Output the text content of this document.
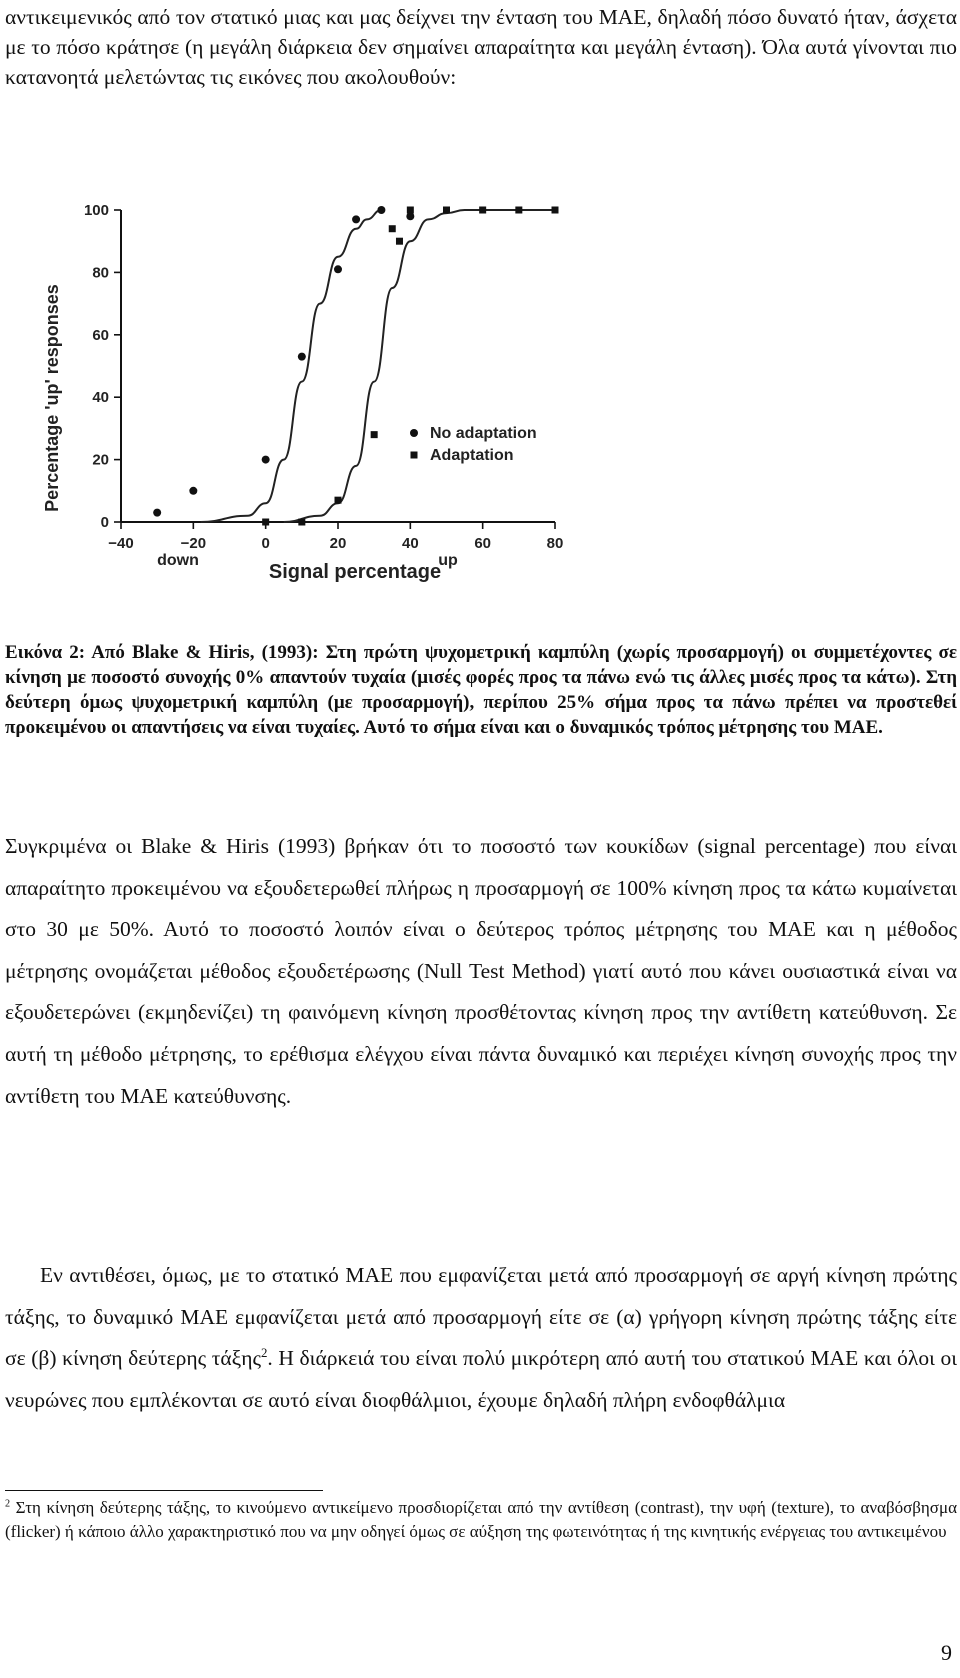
αντικειμενικός από τον στατικό μιας και μας δείχνει την ένταση του ΜΑΕ, δηλαδή πόσο δυνατό ήταν, άσχετα με το πόσο κράτησε (η μεγάλη διάρκεια δεν σημαίνει απαραίτητα και μεγάλη ένταση). Όλα αυτά γίνονται πιο κατανοητά μελετώντας τις εικόνες που ακολουθούν:

−40	−20	0	20	40	60	80
0
20
40
60
80
100
No adaptation
Adaptation
Percentage 'up' responses
Signal percentage
down	up

Εικόνα 2: Από Blake & Hiris, (1993): Στη πρώτη ψυχομετρική καμπύλη (χωρίς προσαρμογή) οι συμμετέχοντες σε κίνηση με ποσοστό συνοχής 0% απαντούν τυχαία (μισές φορές προς τα πάνω ενώ τις άλλες μισές προς τα κάτω). Στη δεύτερη όμως ψυχομετρική καμπύλη (με προσαρμογή), περίπου 25% σήμα προς τα πάνω πρέπει να προστεθεί προκειμένου οι απαντήσεις να είναι τυχαίες. Αυτό το σήμα είναι και ο δυναμικός τρόπος μέτρησης του ΜΑΕ.

Συγκριμένα οι Blake & Hiris (1993) βρήκαν ότι το ποσοστό των κουκίδων (signal percentage) που είναι απαραίτητο προκειμένου να εξουδετερωθεί πλήρως η προσαρμογή σε 100% κίνηση προς τα κάτω κυμαίνεται στο 30 με 50%. Αυτό το ποσοστό λοιπόν είναι ο δεύτερος τρόπος μέτρησης του ΜΑΕ και η μέθοδος μέτρησης ονομάζεται μέθοδος εξουδετέρωσης (Null Test Method) γιατί αυτό που κάνει ουσιαστικά είναι να εξουδετερώνει (εκμηδενίζει) τη φαινόμενη κίνηση προσθέτοντας κίνηση προς την αντίθετη κατεύθυνση. Σε αυτή τη μέθοδο μέτρησης, το ερέθισμα ελέγχου είναι πάντα δυναμικό και περιέχει κίνηση συνοχής προς την αντίθετη του ΜΑΕ κατεύθυνσης.

Εν αντιθέσει, όμως, με το στατικό ΜΑΕ που εμφανίζεται μετά από προσαρμογή σε αργή κίνηση πρώτης τάξης, το δυναμικό ΜΑΕ εμφανίζεται μετά από προσαρμογή είτε σε (α) γρήγορη κίνηση πρώτης τάξης είτε σε (β) κίνηση δεύτερης τάξης$^2$. Η διάρκειά του είναι πολύ μικρότερη από αυτή του στατικού ΜΑΕ και όλοι οι νευρώνες που εμπλέκονται σε αυτό είναι διοφθάλμιοι, έχουμε δηλαδή πλήρη ενδοφθάλμια

$^2$ Στη κίνηση δεύτερης τάξης, το κινούμενο αντικείμενο προσδιορίζεται από την αντίθεση (contrast), την υφή (texture), το αναβόσβησμα (flicker) ή κάποιο άλλο χαρακτηριστικό που να μην οδηγεί όμως σε αύξηση της φωτεινότητας ή της κινητικής ενέργειας του αντικειμένου

9
